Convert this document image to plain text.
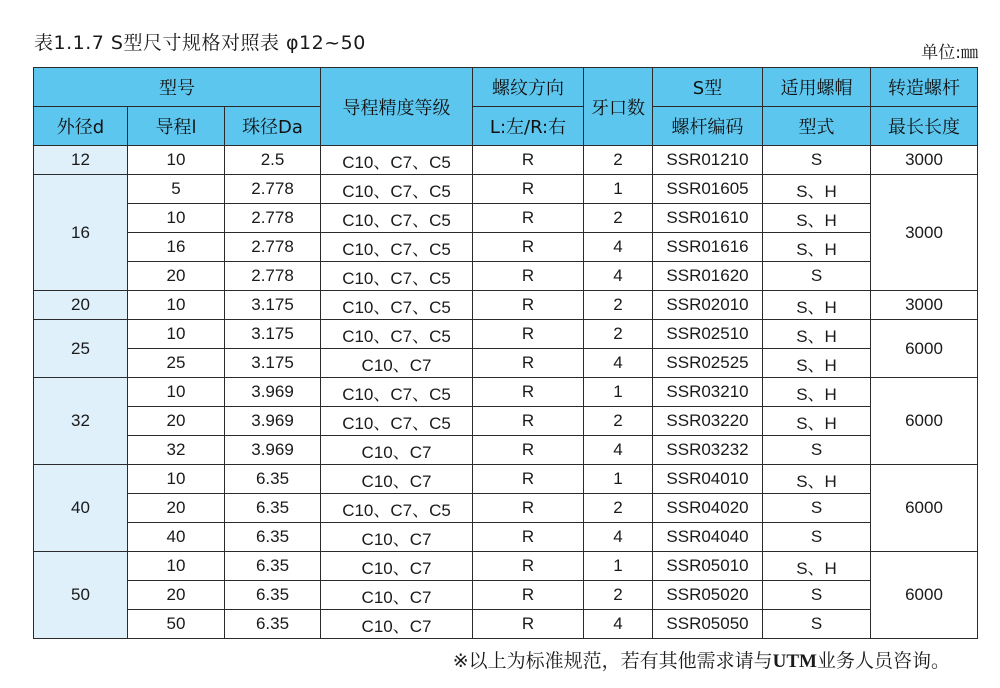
表1.1.7 S型尺寸规格对照表 φ12~50	单位:㎜
型号			导程精度等级	螺纹方向	牙口数	S型	适用螺帽	转造螺杆
外径d	导程l	珠径Da		L:左/R:右		螺杆编码	型式	最长长度
12	10	2.5	C10、C7、C5	R	2	SSR01210	S	3000
16	5	2.778	C10、C7、C5	R	1	SSR01605	S、H	3000
	10	2.778	C10、C7、C5	R	2	SSR01610	S、H	
	16	2.778	C10、C7、C5	R	4	SSR01616	S、H	
	20	2.778	C10、C7、C5	R	4	SSR01620	S	
20	10	3.175	C10、C7、C5	R	2	SSR02010	S、H	3000
25	10	3.175	C10、C7、C5	R	2	SSR02510	S、H	6000
	25	3.175	C10、C7	R	4	SSR02525	S、H	
32	10	3.969	C10、C7、C5	R	1	SSR03210	S、H	6000
	20	3.969	C10、C7、C5	R	2	SSR03220	S、H	
	32	3.969	C10、C7	R	4	SSR03232	S	
40	10	6.35	C10、C7	R	1	SSR04010	S、H	6000
	20	6.35	C10、C7、C5	R	2	SSR04020	S	
	40	6.35	C10、C7	R	4	SSR04040	S	
50	10	6.35	C10、C7	R	1	SSR05010	S、H	6000
	20	6.35	C10、C7	R	2	SSR05020	S	
	50	6.35	C10、C7	R	4	SSR05050	S	
※以上为标准规范，若有其他需求请与UTM业务人员咨询。
